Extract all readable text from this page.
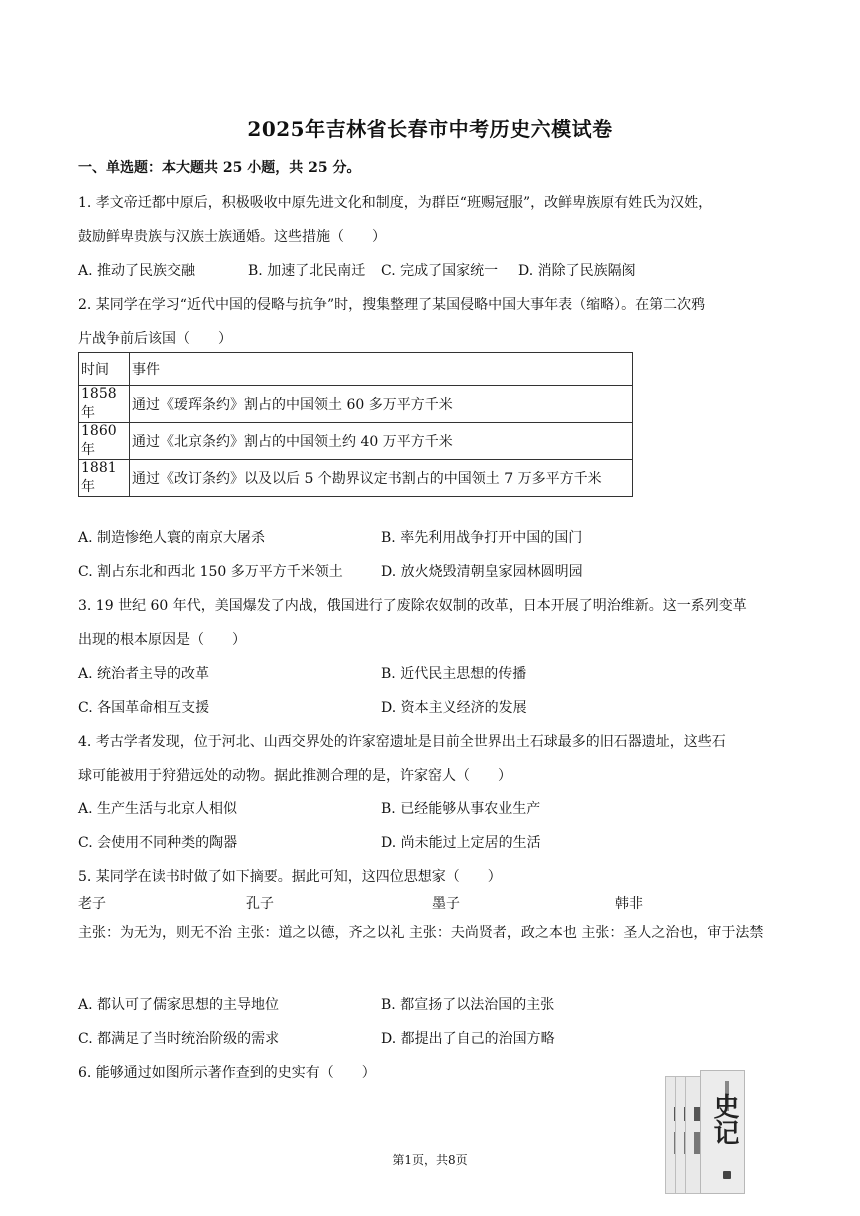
2025年吉林省长春市中考历史六模试卷
一、单选题：本大题共 25 小题，共 25 分。
1. 孝文帝迁都中原后，积极吸收中原先进文化和制度，为群臣“班赐冠服”，改鲜卑族原有姓氏为汉姓，
鼓励鲜卑贵族与汉族士族通婚。这些措施（　　）
A. 推动了民族交融	B. 加速了北民南迁 C. 完成了国家统一 D. 消除了民族隔阂
2. 某同学在学习“近代中国的侵略与抗争”时，搜集整理了某国侵略中国大事年表（缩略）。在第二次鸦
片战争前后该国（　　）
时间	事件
1858 年	通过《瑷珲条约》割占的中国领土 60 多万平方千米
1860 年	通过《北京条约》割占的中国领土约 40 万平方千米
1881 年	通过《改订条约》以及以后 5 个勘界议定书割占的中国领土 7 万多平方千米
A. 制造惨绝人寰的南京大屠杀	B. 率先利用战争打开中国的国门
C. 割占东北和西北 150 多万平方千米领土	D. 放火烧毁清朝皇家园林圆明园
3. 19 世纪 60 年代，美国爆发了内战，俄国进行了废除农奴制的改革，日本开展了明治维新。这一系列变革
出现的根本原因是（　　）
A. 统治者主导的改革	B. 近代民主思想的传播
C. 各国革命相互支援	D. 资本主义经济的发展
4. 考古学者发现，位于河北、山西交界处的许家窑遗址是目前全世界出土石球最多的旧石器遗址，这些石
球可能被用于狩猎远处的动物。据此推测合理的是，许家窑人（　　）
A. 生产生活与北京人相似	B. 已经能够从事农业生产
C. 会使用不同种类的陶器	D. 尚未能过上定居的生活
5. 某同学在读书时做了如下摘要。据此可知，这四位思想家（　　）
老子	孔子	墨子	韩非
主张：为无为，则无不治 主张：道之以德，齐之以礼 主张：夫尚贤者，政之本也 主张：圣人之治也，审于法禁
A. 都认可了儒家思想的主导地位	B. 都宣扬了以法治国的主张
C. 都满足了当时统治阶级的需求	D. 都提出了自己的治国方略
6. 能够通过如图所示著作查到的史实有（　　）
史记
第1页，共8页
